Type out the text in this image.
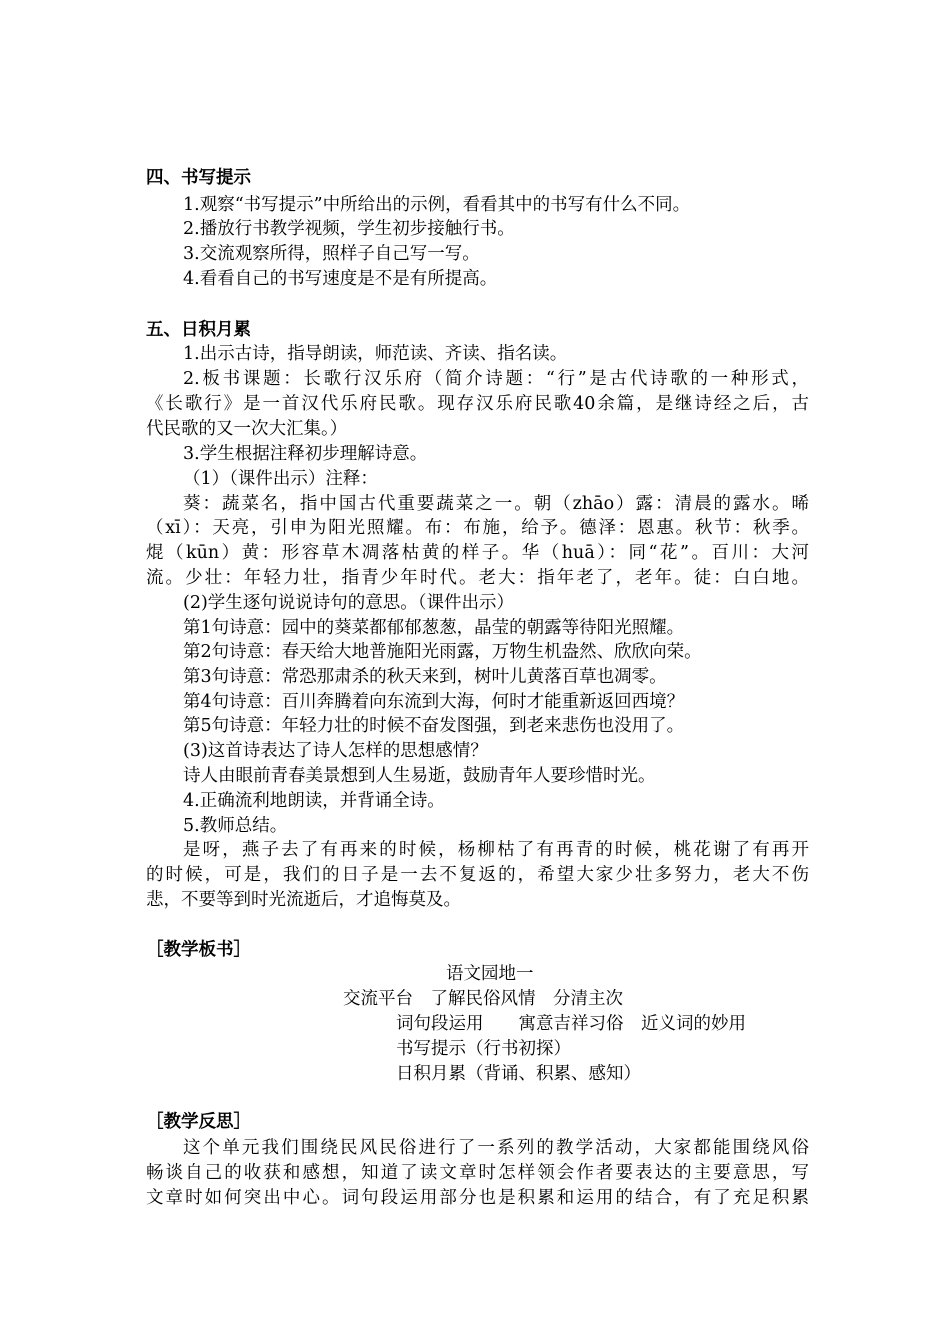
四、书写提示
1.观察“书写提示”中所给出的示例，看看其中的书写有什么不同。
2.播放行书教学视频，学生初步接触行书。
3.交流观察所得，照样子自己写一写。
4.看看自己的书写速度是不是有所提高。
五、日积月累
1.出示古诗，指导朗读，师范读、齐读、指名读。
2.板书课题：长歌行汉乐府（简介诗题：“行”是古代诗歌的一种形式，
《长歌行》是一首汉代乐府民歌。现存汉乐府民歌40余篇，是继诗经之后，古
代民歌的又一次大汇集。）
3.学生根据注释初步理解诗意。
（1）（课件出示）注释：
葵：蔬菜名，指中国古代重要蔬菜之一。朝（zhāo）露：清晨的露水。晞
（xī）：天亮，引申为阳光照耀。布：布施，给予。德泽：恩惠。秋节：秋季。
焜（kūn）黄：形容草木凋落枯黄的样子。华（huā）：同“花”。百川：大河
流。少壮：年轻力壮，指青少年时代。老大：指年老了，老年。徒：白白地。
(2)学生逐句说说诗句的意思。（课件出示）
第1句诗意：园中的葵菜都郁郁葱葱，晶莹的朝露等待阳光照耀。
第2句诗意：春天给大地普施阳光雨露，万物生机盎然、欣欣向荣。
第3句诗意：常恐那肃杀的秋天来到，树叶儿黄落百草也凋零。
第4句诗意：百川奔腾着向东流到大海，何时才能重新返回西境？
第5句诗意：年轻力壮的时候不奋发图强，到老来悲伤也没用了。
(3)这首诗表达了诗人怎样的思想感情？
诗人由眼前青春美景想到人生易逝，鼓励青年人要珍惜时光。
4.正确流利地朗读，并背诵全诗。
5.教师总结。
是呀，燕子去了有再来的时候，杨柳枯了有再青的时候，桃花谢了有再开
的时候，可是，我们的日子是一去不复返的，希望大家少壮多努力，老大不伤
悲，不要等到时光流逝后，才追悔莫及。
［教学板书］
语文园地一
交流平台　了解民俗风情　分清主次
词句段运用　　寓意吉祥习俗　近义词的妙用
书写提示（行书初探）
日积月累（背诵、积累、感知）
［教学反思］
这个单元我们围绕民风民俗进行了一系列的教学活动，大家都能围绕风俗
畅谈自己的收获和感想，知道了读文章时怎样领会作者要表达的主要意思，写
文章时如何突出中心。词句段运用部分也是积累和运用的结合，有了充足积累
